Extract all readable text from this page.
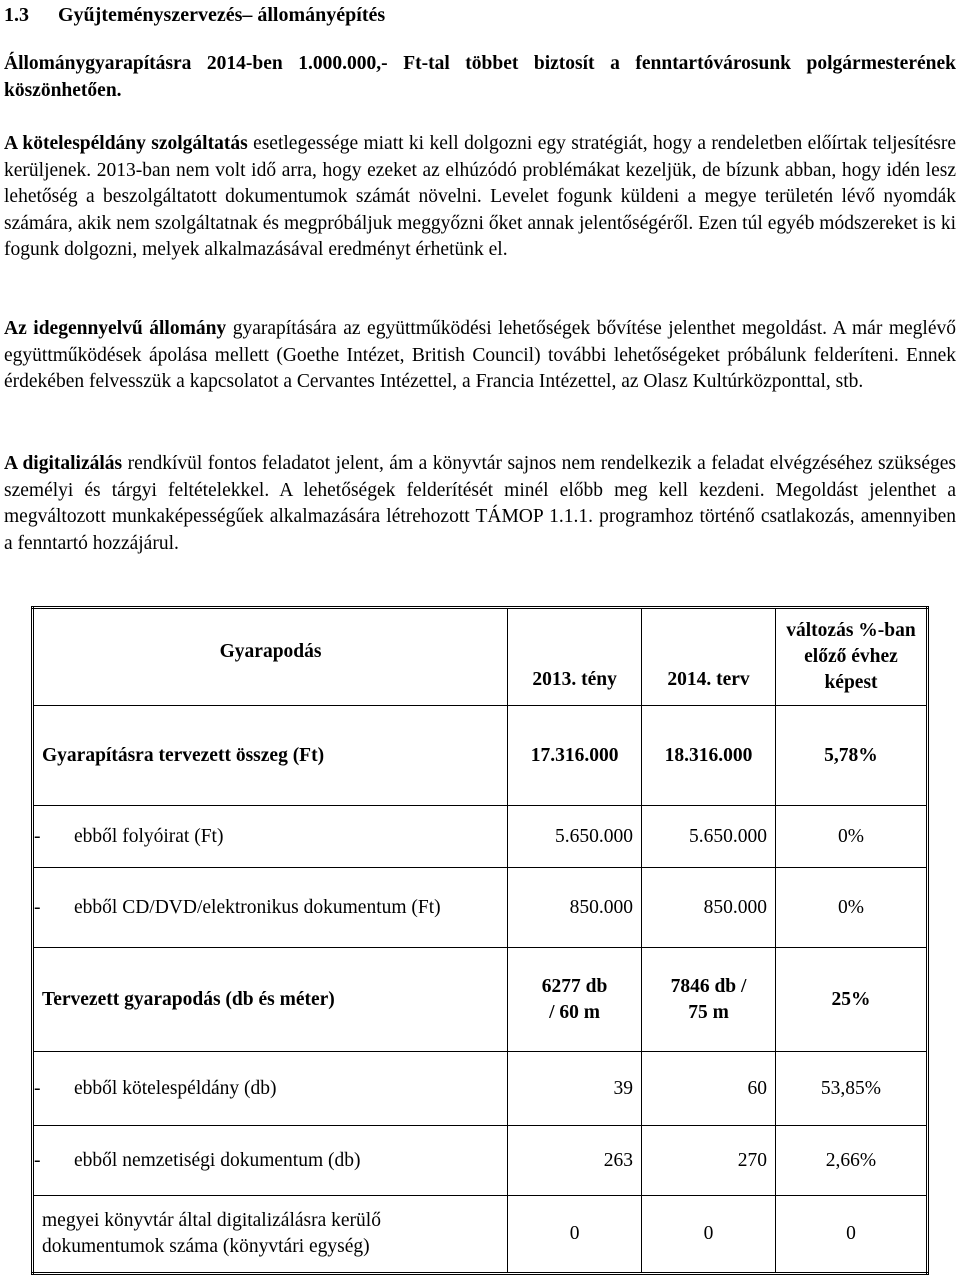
1.3 Gyűjteményszervezés– állományépítés
Állománygyarapításra 2014-ben 1.000.000,- Ft-tal többet biztosít a fenntartóvárosunk polgármesterének köszönhetően.
A kötelespéldány szolgáltatás esetlegessége miatt ki kell dolgozni egy stratégiát, hogy a rendeletben előírtak teljesítésre kerüljenek. 2013-ban nem volt idő arra, hogy ezeket az elhúzódó problémákat kezeljük, de bízunk abban, hogy idén lesz lehetőség a beszolgáltatott dokumentumok számát növelni. Levelet fogunk küldeni a megye területén lévő nyomdák számára, akik nem szolgáltatnak és megpróbáljuk meggyőzni őket annak jelentőségéről. Ezen túl egyéb módszereket is ki fogunk dolgozni, melyek alkalmazásával eredményt érhetünk el.
Az idegennyelvű állomány gyarapítására az együttműködési lehetőségek bővítése jelenthet megoldást. A már meglévő együttműködések ápolása mellett (Goethe Intézet, British Council) további lehetőségeket próbálunk felderíteni. Ennek érdekében felvesszük a kapcsolatot a Cervantes Intézettel, a Francia Intézettel, az Olasz Kultúrközponttal, stb.
A digitalizálás rendkívül fontos feladatot jelent, ám a könyvtár sajnos nem rendelkezik a feladat elvégzéséhez szükséges személyi és tárgyi feltételekkel. A lehetőségek felderítését minél előbb meg kell kezdeni. Megoldást jelenthet a megváltozott munkaképességűek alkalmazására létrehozott TÁMOP 1.1.1. programhoz történő csatlakozás, amennyiben a fenntartó hozzájárul.
Gyarapodás	2013. tény	2014. terv	változás %-ban előző évhez képest
Gyarapításra tervezett összeg (Ft)	17.316.000	18.316.000	5,78%
- ebből folyóirat (Ft)	5.650.000	5.650.000	0%
- ebből CD/DVD/elektronikus dokumentum (Ft)	850.000	850.000	0%
Tervezett gyarapodás (db és méter)	6277 db / 60 m	7846 db / 75 m	25%
- ebből kötelespéldány (db)	39	60	53,85%
- ebből nemzetiségi dokumentum (db)	263	270	2,66%
megyei könyvtár által digitalizálásra kerülő dokumentumok száma (könyvtári egység)	0	0	0
